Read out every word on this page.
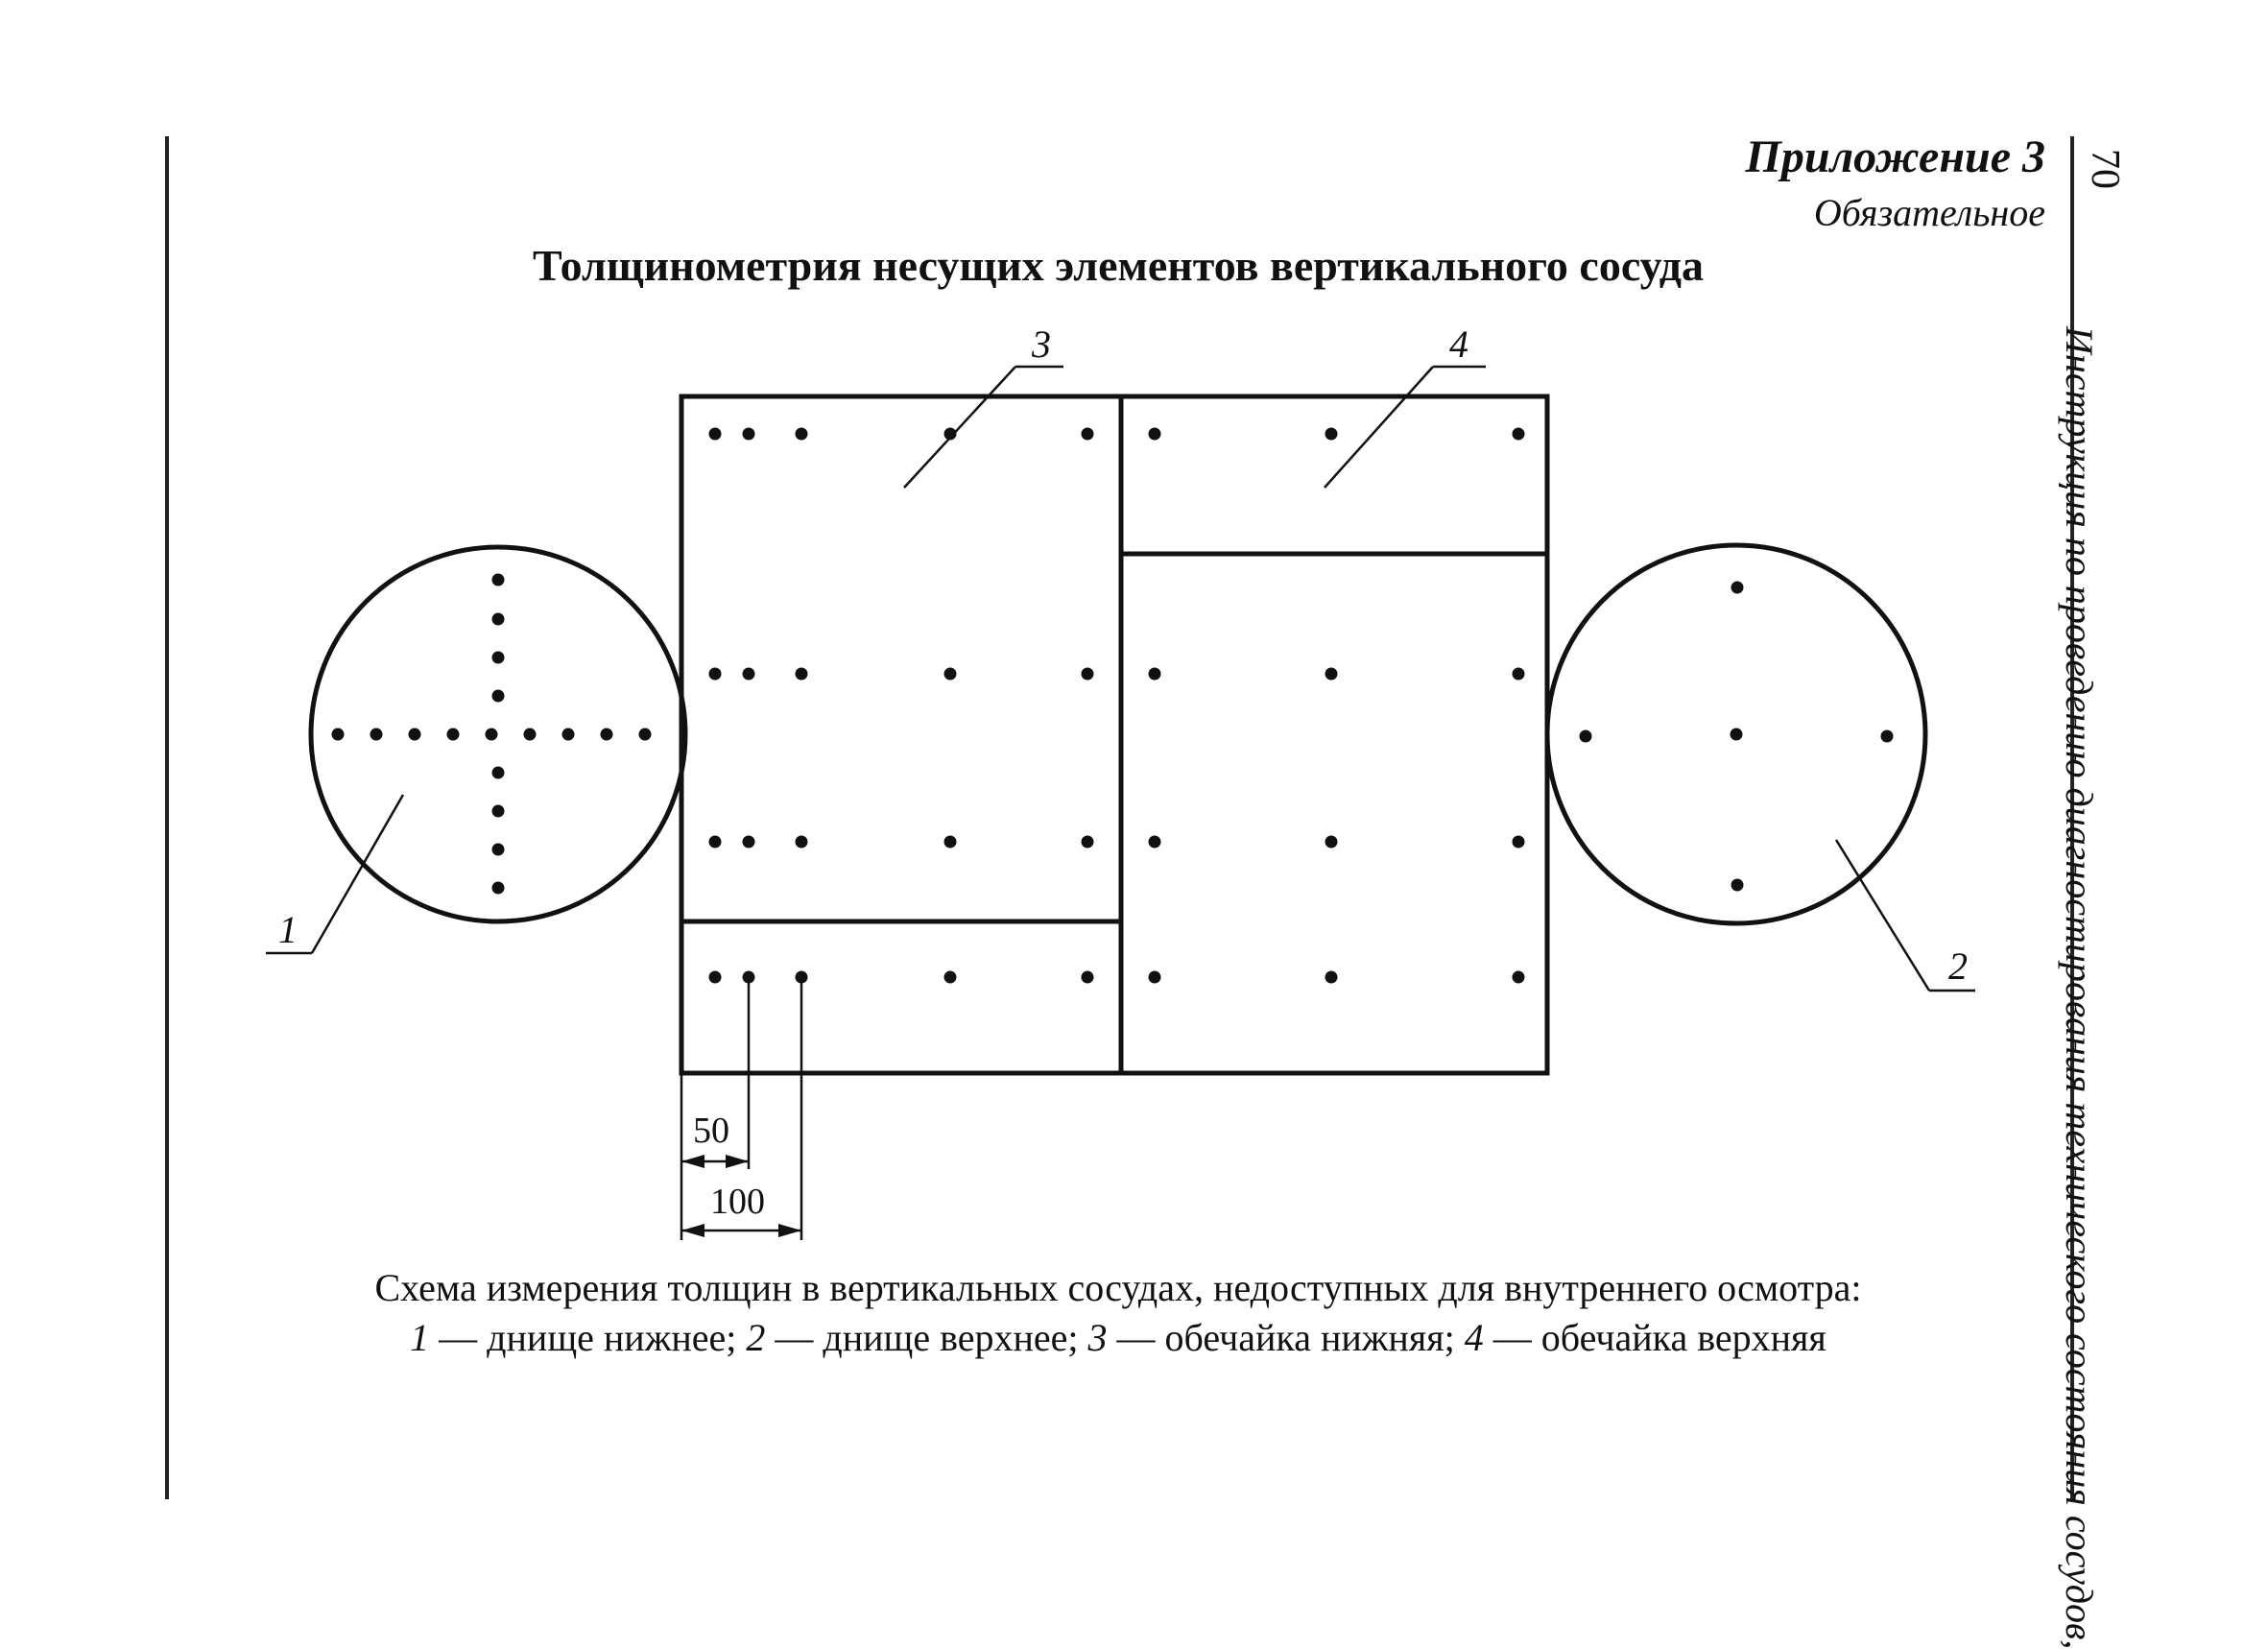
70
Инструкция по проведению диагностирования технического состояния сосудов,
Приложение 3
Обязательное
Толщинометрия несущих элементов вертикального сосуда
1
2
3	4
50
100
Схема измерения толщин в вертикальных сосудах, недоступных для внутреннего осмотра:
1 — днище нижнее; 2 — днище верхнее; 3 — обечайка нижняя; 4 — обечайка верхняя
